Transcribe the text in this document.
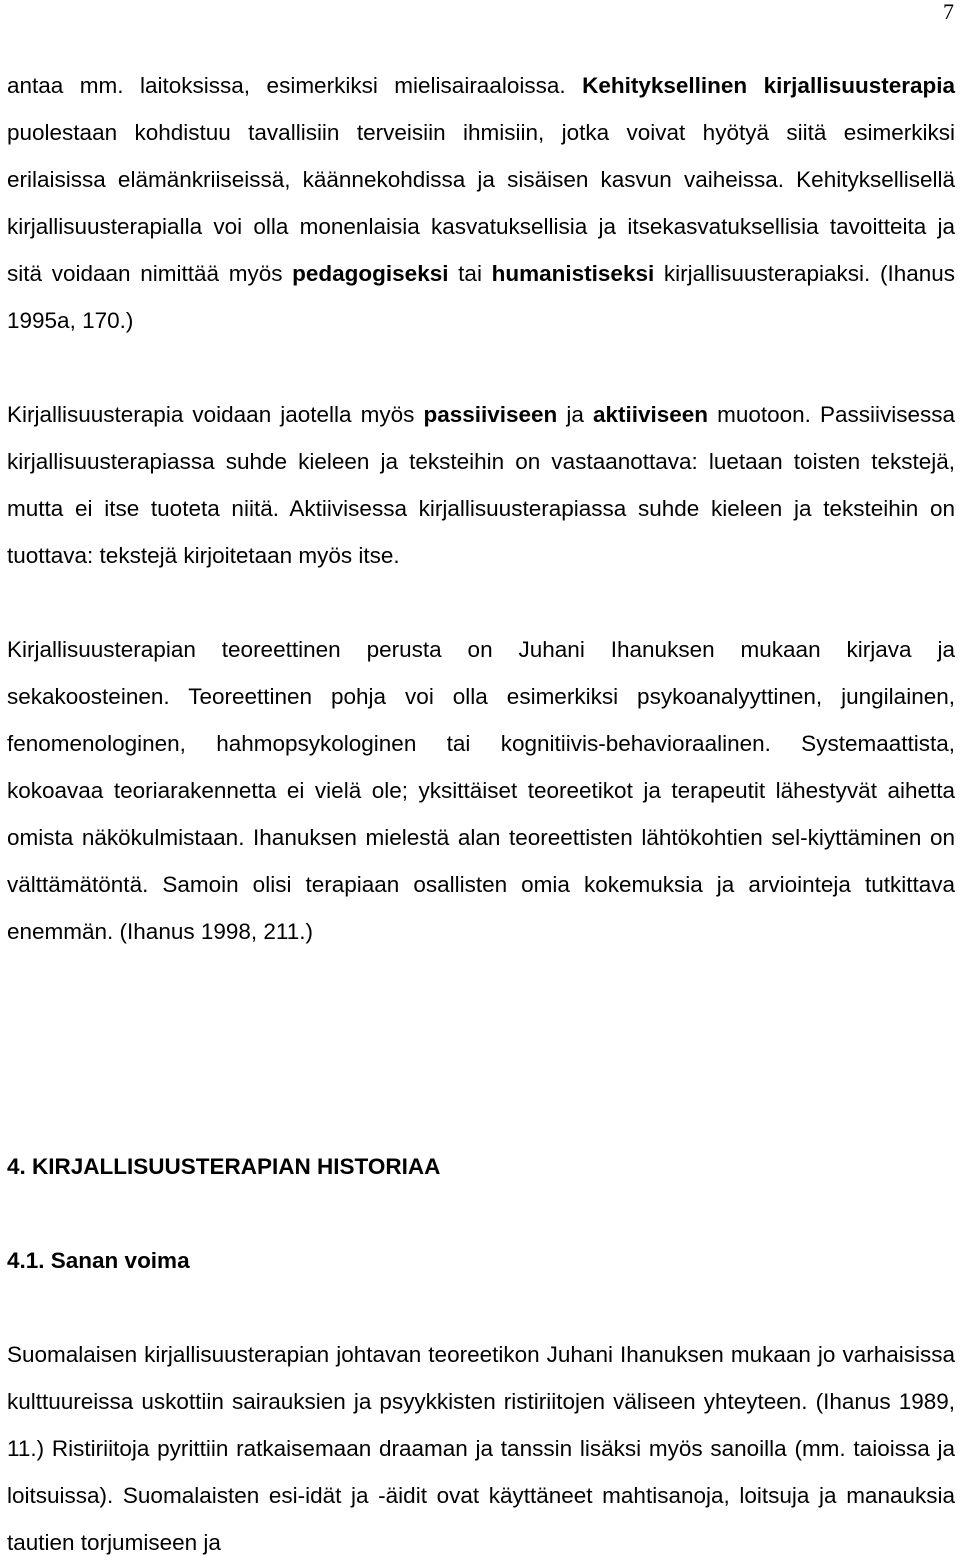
7

antaa mm. laitoksissa, esimerkiksi mielisairaaloissa. Kehityksellinen kirjallisuusterapia puolestaan kohdistuu tavallisiin terveisiin ihmisiin, jotka voivat hyötyä siitä esimerkiksi erilaisissa elämänkriiseissä, käännekohdissa ja sisäisen kasvun vaiheissa. Kehityksellisellä kirjallisuusterapialla voi olla monenlaisia kasvatuksellisia ja itsekasvatuksellisia tavoitteita ja sitä voidaan nimittää myös pedagogiseksi tai humanistiseksi kirjallisuusterapiaksi. (Ihanus 1995a, 170.)

Kirjallisuusterapia voidaan jaotella myös passiiviseen ja aktiiviseen muotoon. Passiivisessa kirjallisuusterapiassa suhde kieleen ja teksteihin on vastaanottava: luetaan toisten tekstejä, mutta ei itse tuoteta niitä. Aktiivisessa kirjallisuusterapiassa suhde kieleen ja teksteihin on tuottava: tekstejä kirjoitetaan myös itse.

Kirjallisuusterapian teoreettinen perusta on Juhani Ihanuksen mukaan kirjava ja sekakoosteinen. Teoreettinen pohja voi olla esimerkiksi psykoanalyyttinen, jungilainen, fenomenologinen, hahmopsykologinen tai kognitiivis-behavioraalinen. Systemaattista, kokoavaa teoriarakennetta ei vielä ole; yksittäiset teoreetikot ja terapeutit lähestyvät aihetta omista näkökulmistaan. Ihanuksen mielestä alan teoreettisten lähtökohtien sel-kiyttäminen on välttämätöntä. Samoin olisi terapiaan osallisten omia kokemuksia ja arviointeja tutkittava enemmän. (Ihanus 1998, 211.)

4. KIRJALLISUUSTERAPIAN HISTORIAA
4.1. Sanan voima

Suomalaisen kirjallisuusterapian johtavan teoreetikon Juhani Ihanuksen mukaan jo varhaisissa kulttuureissa uskottiin sairauksien ja psyykkisten ristiriitojen väliseen yhteyteen. (Ihanus 1989, 11.) Ristiriitoja pyrittiin ratkaisemaan draaman ja tanssin lisäksi myös sanoilla (mm. taioissa ja loitsuissa). Suomalaisten esi-idät ja -äidit ovat käyttäneet mahtisanoja, loitsuja ja manauksia tautien torjumiseen ja
